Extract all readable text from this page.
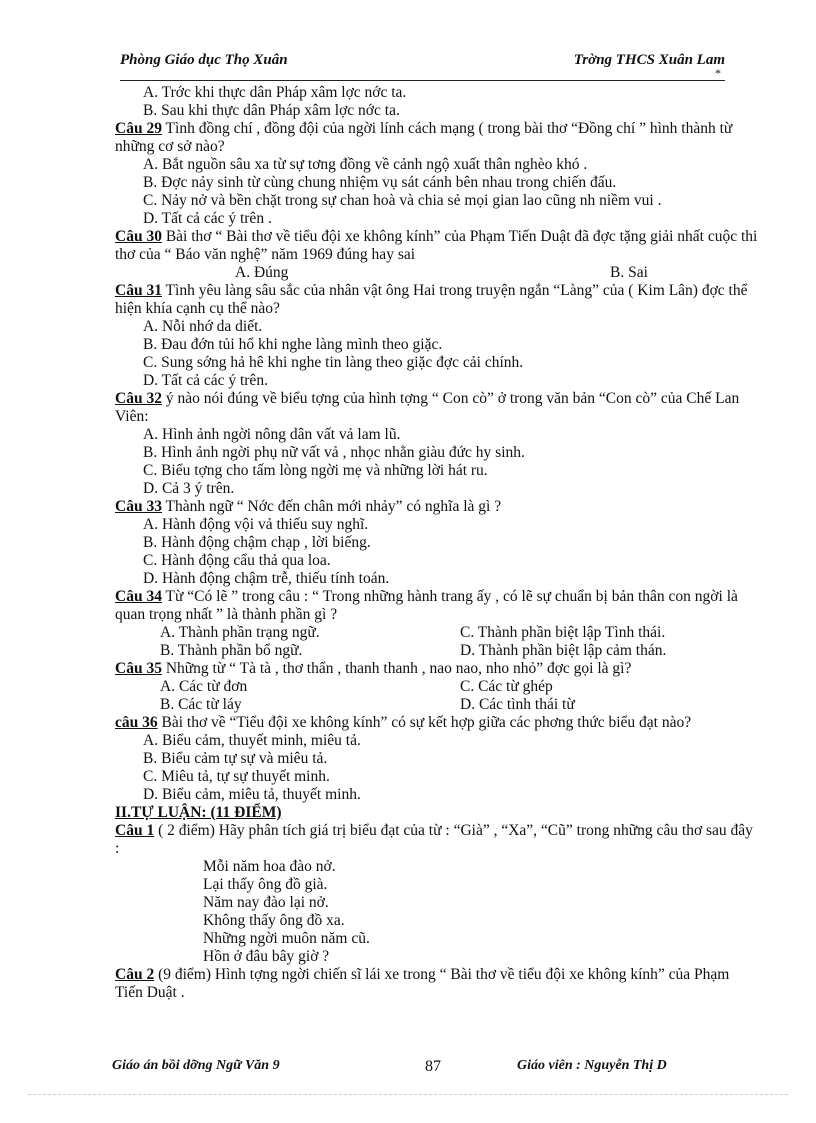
Phòng Giáo dục Thọ Xuân	Trờng THCS Xuân Lam
*

A. Trớc khi thực dân Pháp xâm lợc nớc ta.

B. Sau khi thực dân Pháp xâm lợc nớc ta.

Câu 29 Tình đồng chí , đồng đội của ngời lính cách mạng ( trong bài thơ “Đồng chí ” hình thành từ những cơ sở nào?

A. Bắt nguồn sâu xa từ sự tơng đồng về cảnh ngộ xuất thân nghèo khó .

B. Đợc nảy sinh từ cùng chung nhiệm vụ sát cánh bên nhau trong chiến đấu.

C. Nảy nở và bền chặt trong sự chan hoà và chia sẻ mọi gian lao cũng nh niềm vui .

D. Tất cả các ý trên .

Câu 30 Bài thơ “ Bài thơ về tiểu đội xe không kính” của Phạm Tiến Duật đã đợc tặng giải nhất cuộc thi thơ của “ Báo văn nghệ” năm 1969 đúng hay sai

A. Đúng	B. Sai

Câu 31 Tình yêu làng sâu sắc của nhân vật ông Hai trong truyện ngắn “Làng” của ( Kim Lân) đợc thể hiện khía cạnh cụ thể nào?

A. Nỗi nhớ da diết.

B. Đau đớn tủi hổ khi nghe làng mình theo giặc.

C. Sung sớng hả hê khi nghe tin làng theo giặc đợc cải chính.

D. Tất cả các ý trên.

Câu 32 ý nào nói đúng về biểu tợng của hình tợng “ Con cò” ở trong văn bản “Con cò” của Chế Lan Viên:

A. Hình ảnh ngời nông dân vất vả lam lũ.

B. Hình ảnh ngời phụ nữ vất vả , nhọc nhằn giàu đức hy sinh.

C. Biểu tợng cho tấm lòng ngời mẹ và những lời hát ru.

D. Cả 3 ý trên.

Câu 33 Thành ngữ “ Nớc đến chân mới nhảy” có nghĩa là gì ?

A. Hành động vội vả thiếu suy nghĩ.

B. Hành động chậm chạp , lời biếng.

C. Hành động cẩu thả qua loa.

D. Hành động chậm trễ, thiếu tính toán.

Câu 34 Từ “Có lẽ ” trong câu : “ Trong những hành trang ấy , có lẽ sự chuẩn bị bản thân con ngời là quan trọng nhất ” là thành phần gì ?

A. Thành phần trạng ngữ.	C. Thành phần biệt lập Tình thái.

B. Thành phần bổ ngữ.	D. Thành phần biệt lập cảm thán.

Câu 35 Những từ “ Tà tà , thơ thẩn , thanh thanh , nao nao, nho nhỏ” đợc gọi là gì?

A. Các từ đơn	C. Các từ ghép

B. Các từ láy	D. Các tình thái từ

câu 36 Bài thơ về “Tiểu đội xe không kính” có sự kết hợp giữa các phơng thức biểu đạt nào?

A. Biểu cảm, thuyết minh, miêu tả.

B. Biểu cảm tự sự và miêu tả.

C. Miêu tả, tự sự thuyết minh.

D. Biểu cảm, miêu tả, thuyết minh.

II.TỰ LUẬN: (11 ĐIỂM)

Câu 1 ( 2 điểm) Hãy phân tích giá trị biểu đạt của từ : “Già” , “Xa”, “Cũ” trong những câu thơ sau đây :

Mỗi năm hoa đào nở.

Lại thấy ông đồ già.

Năm nay đào lại nở.

Không thấy ông đồ xa.

Những ngời muôn năm cũ.

Hồn ở đâu bây giờ ?

Câu 2 (9 điểm) Hình tợng ngời chiến sĩ lái xe trong “ Bài thơ về tiểu đội xe không kính” của Phạm Tiến Duật .

Giáo án bồi dỡng Ngữ Văn 9	87	Giáo viên : Nguyễn Thị D
